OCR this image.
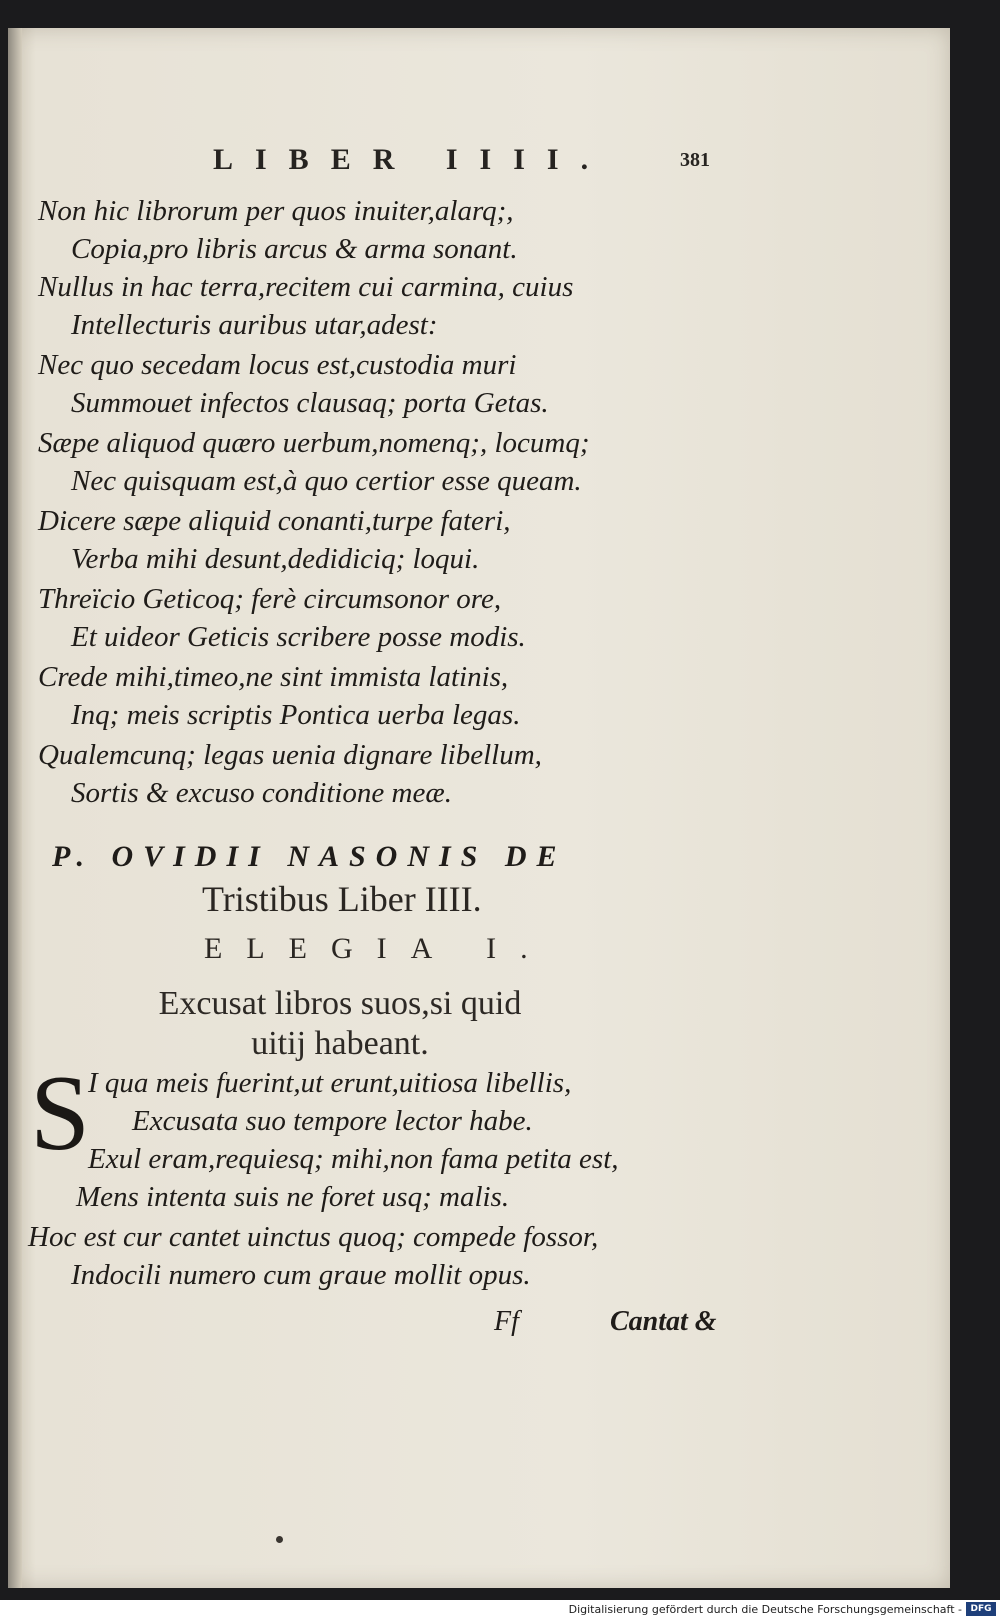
LIBER IIII.	381
Non hic librorum per quos inuiter,alarq;,
Copia,pro libris arcus & arma sonant.
Nullus in hac terra,recitem cui carmina, cuius
Intellecturis auribus utar,adest:
Nec quo secedam locus est,custodia muri
Summouet infectos clausaq; porta Getas.
Sæpe aliquod quæro uerbum,nomenq;, locumq;
Nec quisquam est,à quo certior esse queam.
Dicere sæpe aliquid conanti,turpe fateri,
Verba mihi desunt,dedidiciq; loqui.
Threïcio Geticoq; ferè circumsonor ore,
Et uideor Geticis scribere posse modis.
Crede mihi,timeo,ne sint immista latinis,
Inq; meis scriptis Pontica uerba legas.
Qualemcunq; legas uenia dignare libellum,
Sortis & excuso conditione meæ.
P. OVIDII NASONIS DE
Tristibus Liber IIII.
ELEGIA I.
Excusat libros suos,si quid
uitij habeant.
S
I qua meis fuerint,ut erunt,uitiosa libellis,
Excusata suo tempore lector habe.
Exul eram,requiesq; mihi,non fama petita est,
Mens intenta suis ne foret usq; malis.
Hoc est cur cantet uinctus quoq; compede fossor,
Indocili numero cum graue mollit opus.
Ff	Cantat &
Digitalisierung gefördert durch die Deutsche Forschungsgemeinschaft - DFG
